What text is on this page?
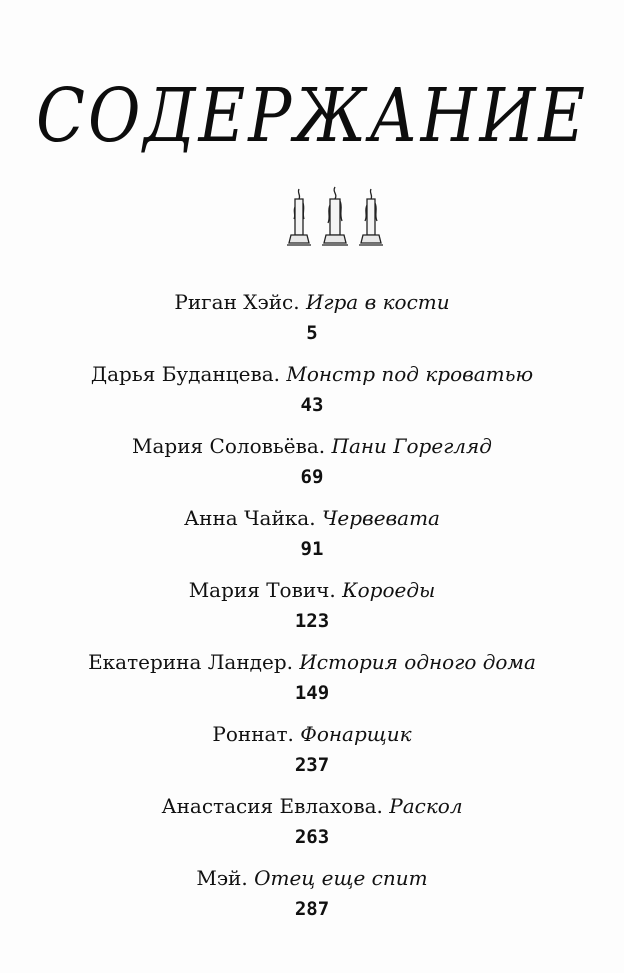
СОДЕРЖАНИЕ
Риган Хэйс. Игра в кости
5
Дарья Буданцева. Монстр под кроватью
43
Мария Соловьёва. Пани Горегляд
69
Анна Чайка. Червевата
91
Мария Тович. Короеды
123
Екатерина Ландер. История одного дома
149
Роннат. Фонарщик
237
Анастасия Евлахова. Раскол
263
Мэй. Отец еще спит
287
